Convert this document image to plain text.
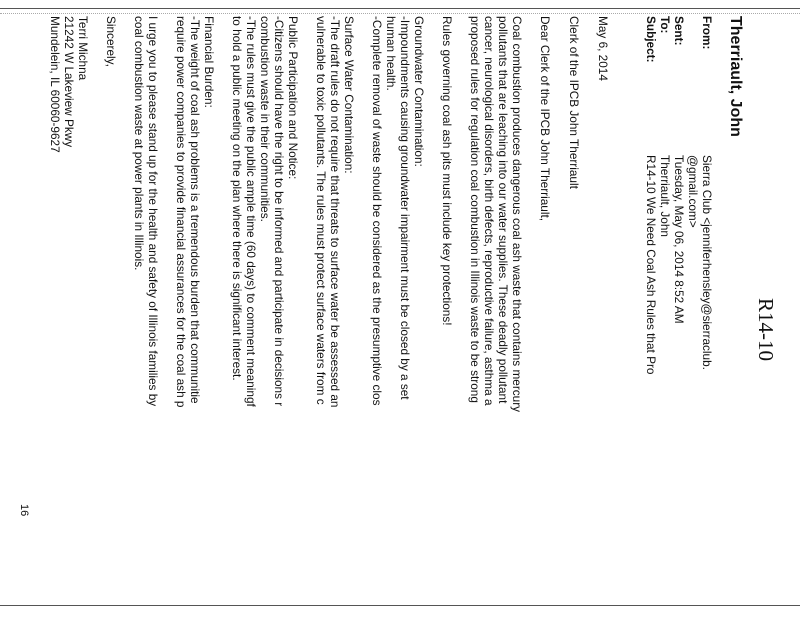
R14-10
Therriault, John
From:
Sierra Club <jenniferhensley@sierraclub.
@gmail.com>
Sent:
Tuesday, May 06, 2014 8:52 AM
To:
Therriault, John
Subject:
R14-10 We Need Coal Ash Rules that Pro
May 6, 2014
Clerk of the IPCB John Therriault
Dear Clerk of the IPCB John Therriault,
Coal combustion produces dangerous coal ash waste that contains mercury
pollutants that are leaching into our water supplies. These deadly pollutant
cancer, neurological disorders, birth defects, reproductive failure, asthma a
proposed rules for regulation coal combustion in Illinois waste to be strong
Rules governing coal ash pits must include key protections!
Groundwater Contamination:
-Impoundments causing groundwater impairment must be closed by a set
human health.
-Complete removal of waste should be considered as the presumptive clos
Surface Water Contamination:
-The draft rules do not require that threats to surface water be assessed an
vulnerable to toxic pollutants. The rules must protect surface waters from c
Public Participation and Notice:
-Citizens should have the right to be informed and participate in decisions r
combustion waste in their communities.
-The rules must give the public ample time (60 days) to comment meaningf
to hold a public meeting on the plan where there is significant interest.
Financial Burden:
-The weight of coal ash problems is a tremendous burden that communitie
require power companies to provide financial assurances for the coal ash p
I urge you to please stand up for the health and safety of Illinois families by
coal combustion waste at power plants in Illinois.
Sincerely,
Terri Michna
21242 W Lakeview Pkwy
Mundelein, IL 60060-9627
16
